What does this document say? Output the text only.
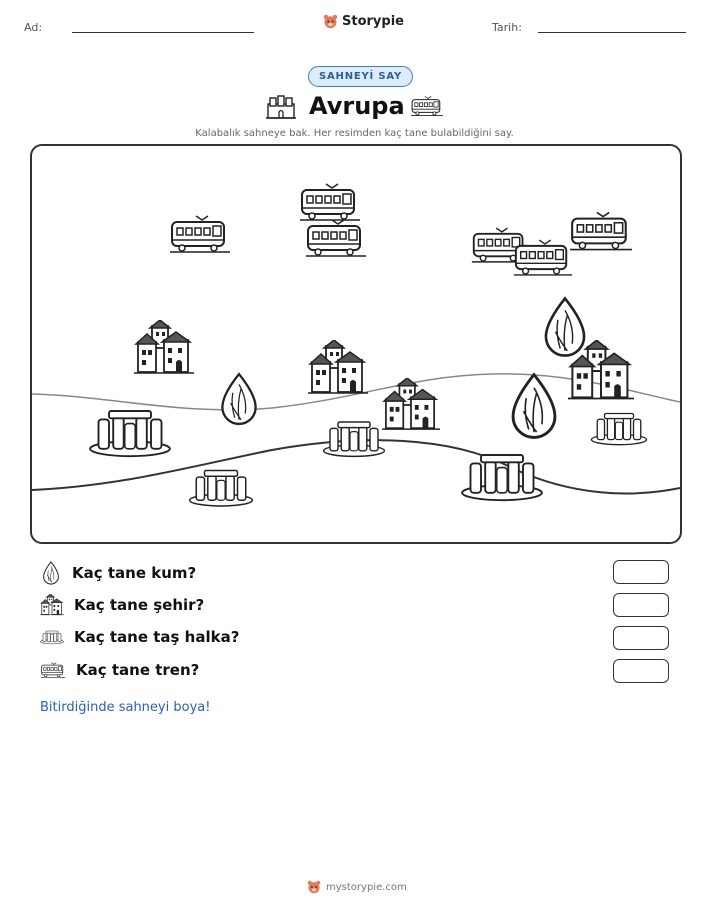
Ad:	Storypie	Tarih:
SAHNEYİ SAY
Avrupa
Kalabalık sahneye bak. Her resimden kaç tane bulabildiğini say.
Kaç tane kum?
Kaç tane şehir?
Kaç tane taş halka?
Kaç tane tren?
Bitirdiğinde sahneyi boya!
mystorypie.com
